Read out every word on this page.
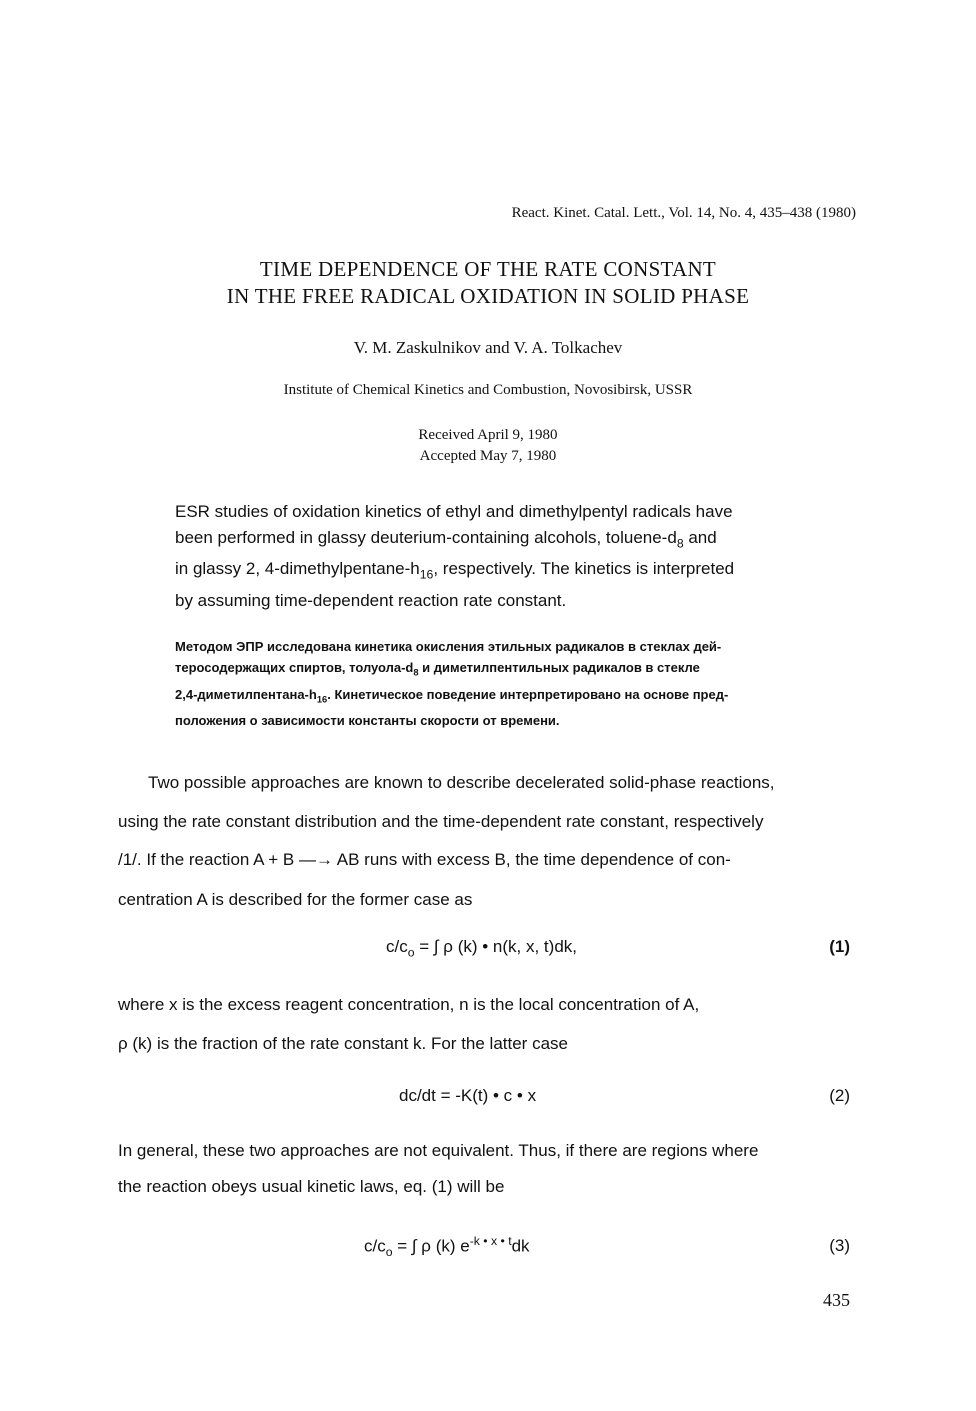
React. Kinet. Catal. Lett., Vol. 14, No. 4, 435–438 (1980)
TIME DEPENDENCE OF THE RATE CONSTANT
IN THE FREE RADICAL OXIDATION IN SOLID PHASE
V. M. Zaskulnikov and V. A. Tolkachev
Institute of Chemical Kinetics and Combustion, Novosibirsk, USSR
Received April 9, 1980
Accepted May 7, 1980

ESR studies of oxidation kinetics of ethyl and dimethylpentyl radicals have

been performed in glassy deuterium-containing alcohols, toluene-$d_8$ and

in glassy 2, $4-dimethylpentane-h_{16}$, respectively. The kinetics is interpreted

by assuming time-dependent reaction rate constant.

Методом ЭПР исследована кинетика окисления этильных радикалов в стеклах дей-

теросодержащих спиртов, толуола-$d_8$ и диметилпентильных радикалов в стекле

$2,4-диметилпентана-h_{16}$. Кинетическое поведение интерпретировано на основе пред-

положения о зависимости константы скорости от времени.

Two possible approaches are known to describe decelerated solid-phase reactions,
using the rate constant distribution and the time-dependent rate constant, respectively
/1/. If the reaction A + B —→ AB runs with excess B, the time dependence of con-
centration A is described for the former case as
$c/c_o$ = ∫ ρ (k) • n(k, x, t)dk,	(1)
where x is the excess reagent concentration, n is the local concentration of A,
ρ (k) is the fraction of the rate constant k. For the latter case
dc/dt = -K(t) • c • x	(2)
In general, these two approaches are not equivalent. Thus, if there are regions where
the reaction obeys usual kinetic laws, eq. (1) will be
$c/c_o$ = ∫ ρ (k) $e^{-k • x • t}dk$	(3)
435
